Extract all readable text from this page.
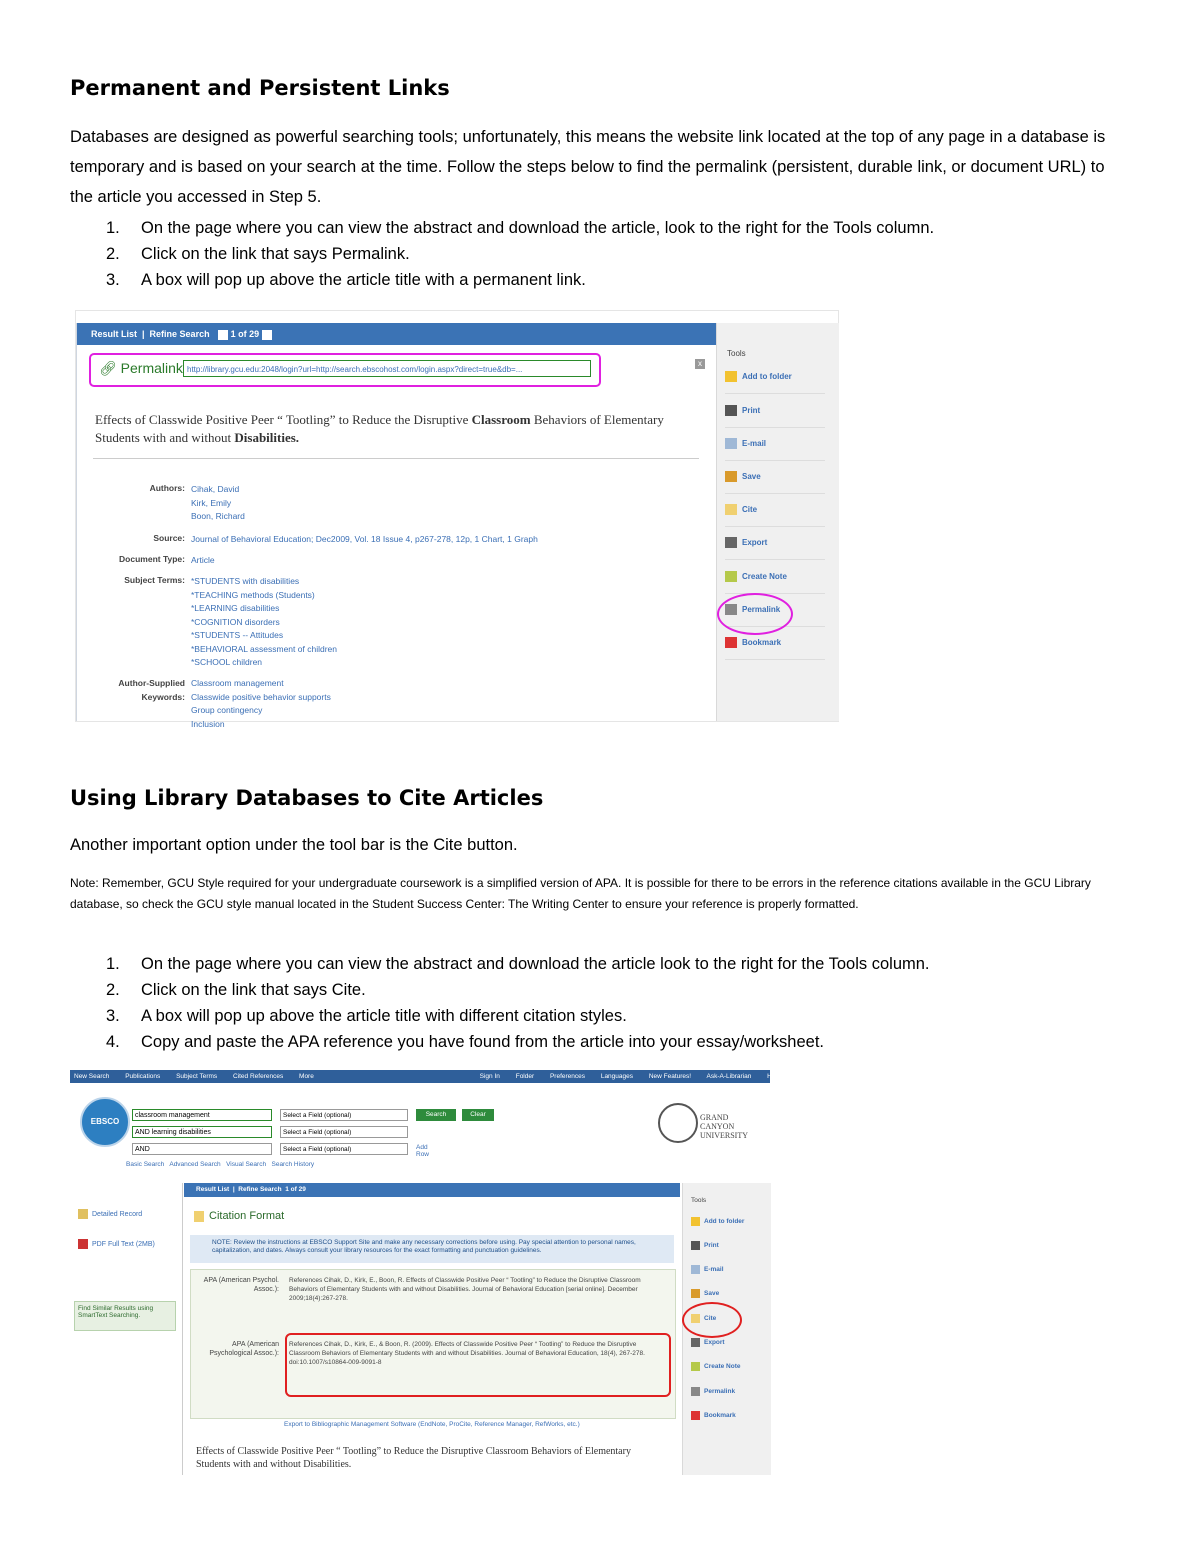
Permanent and Persistent Links
Databases are designed as powerful searching tools; unfortunately, this means the website link located at the top of any page in a database is temporary and is based on your search at the time. Follow the steps below to find the permalink (persistent, durable link, or document URL) to the article you accessed in Step 5.
1. On the page where you can view the abstract and download the article, look to the right for the Tools column.
2. Click on the link that says Permalink.
3. A box will pop up above the article title with a permanent link.
Using Library Databases to Cite Articles
Another important option under the tool bar is the Cite button.
Note: Remember, GCU Style required for your undergraduate coursework is a simplified version of APA. It is possible for there to be errors in the reference citations available in the GCU Library database, so check the GCU style manual located in the Student Success Center: The Writing Center to ensure your reference is properly formatted.
1. On the page where you can view the abstract and download the article look to the right for the Tools column.
2. Click on the link that says Cite.
3. A box will pop up above the article title with different citation styles.
4. Copy and paste the APA reference you have found from the article into your essay/worksheet.
Result List  |  Refine Search 1 of 29
🔗︎ Permalink http://library.gcu.edu:2048/login?url=http://search.ebscohost.com/login.aspx?direct=true&db=...
x
Effects of Classwide Positive Peer “ Tootling” to Reduce the Disruptive Classroom Behaviors of Elementary Students with and without Disabilities.
Authors: Cihak, David
Kirk, Emily
Boon, Richard
Source: Journal of Behavioral Education; Dec2009, Vol. 18 Issue 4, p267-278, 12p, 1 Chart, 1 Graph
Document Type: Article
Subject Terms: *STUDENTS with disabilities
*TEACHING methods (Students)
*LEARNING disabilities
*COGNITION disorders
*STUDENTS -- Attitudes
*BEHAVIORAL assessment of children
*SCHOOL children
Author-Supplied Keywords:
Classroom management
Classwide positive behavior supports
Group contingency
Inclusion
Tools
Add to folder
Print
E-mail
Save
Cite
Export
Create Note
Permalink
Bookmark
New Search Publications Subject Terms Cited References More	Sign In Folder Preferences Languages New Features! Ask-A-Librarian Help
EBSCO host
classroom management	Select a Field (optional)	Search	Clear
AND learning disabilities	Select a Field (optional)
AND	Select a Field (optional)	Add Row
Basic Search   Advanced Search   Visual Search   Search History
GRAND CANYON UNIVERSITY
Detailed Record
PDF Full Text (2MB)
Find Similar Results using SmartText Searching.
Result List  |  Refine Search 1 of 29
Citation Format
NOTE: Review the instructions at EBSCO Support Site and make any necessary corrections before using. Pay special attention to personal names, capitalization, and dates. Always consult your library resources for the exact formatting and punctuation guidelines.
APA (American Psychol. Assoc.):
References Cihak, D., Kirk, E., Boon, R. Effects of Classwide Positive Peer “ Tootling” to Reduce the Disruptive Classroom Behaviors of Elementary Students with and without Disabilities. Journal of Behavioral Education [serial online]. December 2009;18(4):267-278.
APA (American Psychological Assoc.):
References Cihak, D., Kirk, E., & Boon, R. (2009). Effects of Classwide Positive Peer “ Tootling” to Reduce the Disruptive Classroom Behaviors of Elementary Students with and without Disabilities. Journal of Behavioral Education, 18(4), 267-278. doi:10.1007/s10864-009-9091-8
Export to Bibliographic Management Software (EndNote, ProCite, Reference Manager, RefWorks, etc.)
Effects of Classwide Positive Peer “ Tootling” to Reduce the Disruptive Classroom Behaviors of Elementary Students with and without Disabilities.
Tools
Add to folder
Print
E-mail
Save
Cite
Export
Create Note
Permalink
Bookmark
